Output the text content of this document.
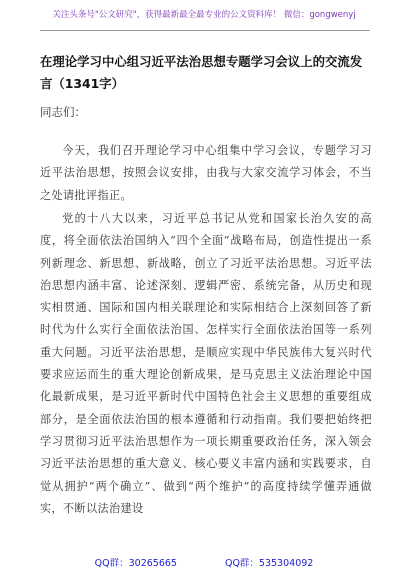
关注头条号"公文研究"，获得最新最全最专业的公文资料库！ 微信：gongwenyj
在理论学习中心组习近平法治思想专题学习会议上的交流发言（1341字）
同志们：

今天，我们召开理论学习中心组集中学习会议，专题学习习近平法治思想，按照会议安排，由我与大家交流学习体会，不当之处请批评指正。

党的十八大以来，习近平总书记从党和国家长治久安的高度，将全面依法治国纳入“四个全面”战略布局，创造性提出一系列新理念、新思想、新战略，创立了习近平法治思想。习近平法治思想内涵丰富、论述深刻、逻辑严密、系统完备，从历史和现实相贯通、国际和国内相关联理论和实际相结合上深刻回答了新时代为什么实行全面依法治国、怎样实行全面依法治国等一系列重大问题。习近平法治思想，是顺应实现中华民族伟大复兴时代要求应运而生的重大理论创新成果，是马克思主义法治理论中国化最新成果，是习近平新时代中国特色社会主义思想的重要组成部分，是全面依法治国的根本遵循和行动指南。我们要把始终把学习贯彻习近平法治思想作为一项长期重要政治任务，深入领会习近平法治思想的重大意义、核心要义丰富内涵和实践要求，自觉从拥护“两个确立”、做到“两个维护”的高度持续学懂弄通做实，不断以法治建设

QQ群：30265665	QQ群：535304092
